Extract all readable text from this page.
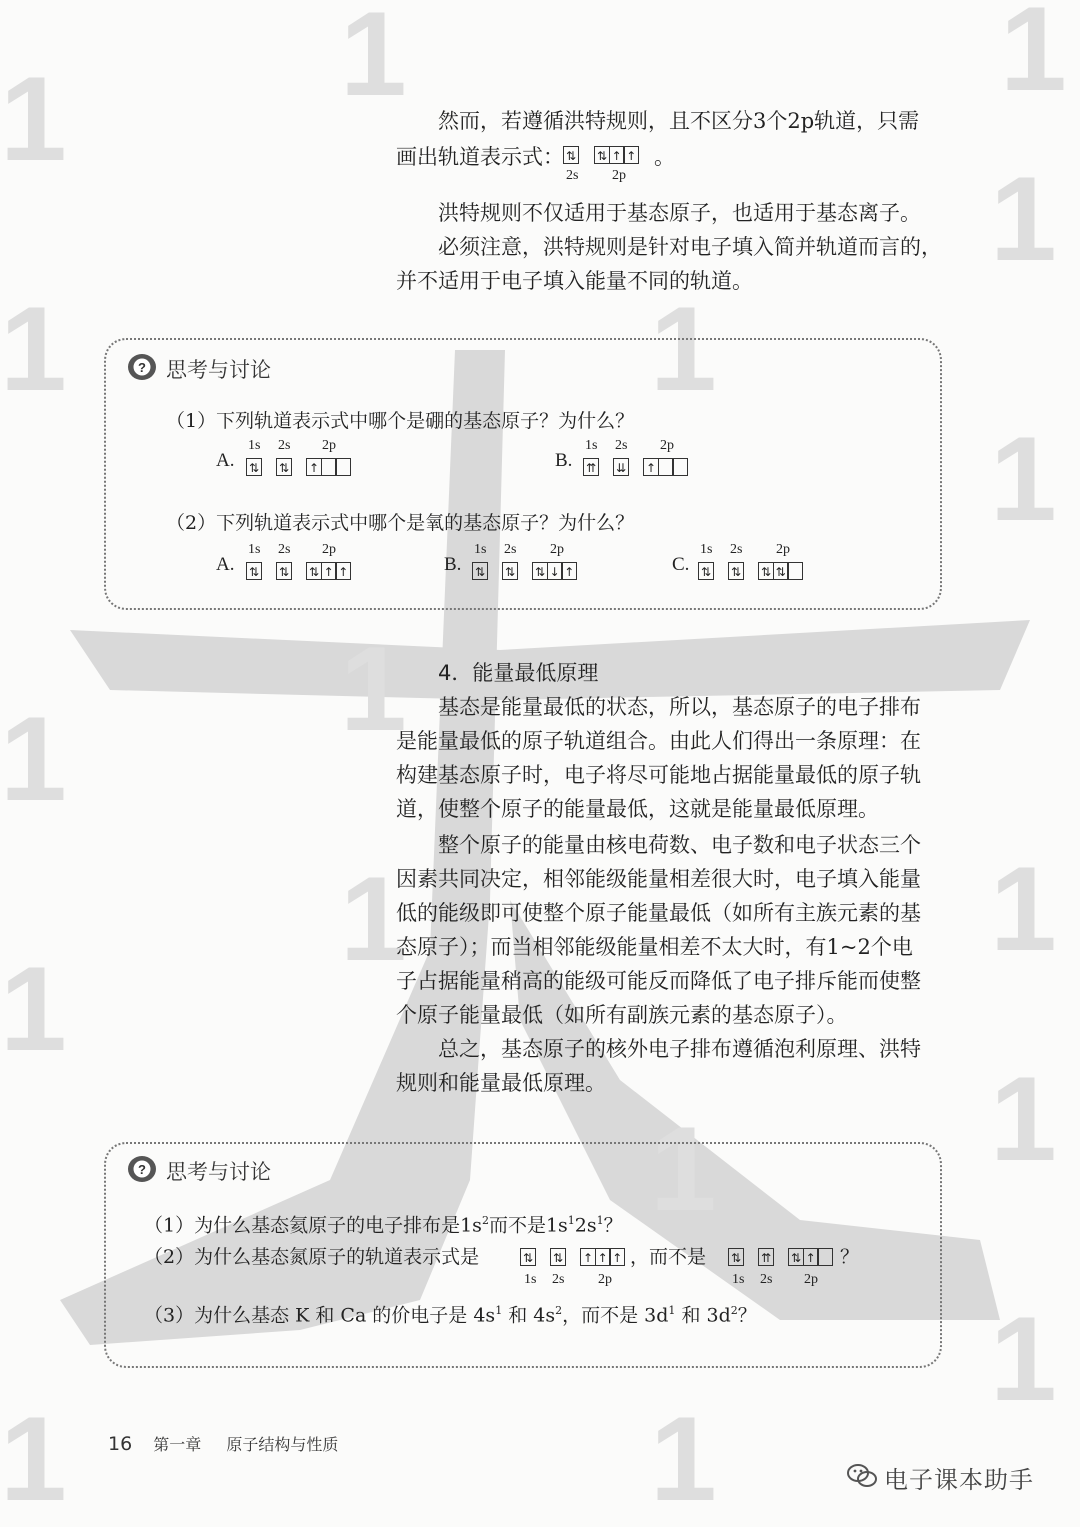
1 1	1
1
1
1
1
1
1
1
1
1
1
1
1
1
1
然而，若遵循洪特规则，且不区分3个2p轨道，只需
画出轨道表示式： ⇅ ⇅ ↑ ↑ 。
2s 2p
洪特规则不仅适用于基态原子，也适用于基态离子。
必须注意，洪特规则是针对电子填入简并轨道而言的，
并不适用于电子填入能量不同的轨道。
? 思考与讨论
（1）下列轨道表示式中哪个是硼的基态原子？为什么？
A.
1s 2s 2p
⇅ ⇅ ↑	B.
1s 2s 2p
⇈ ⇊ ↑
（2）下列轨道表示式中哪个是氧的基态原子？为什么？
A.
1s 2s 2p
⇅ ⇅ ⇅ ↑ ↑	B.
1s 2s 2p
⇅ ⇅ ⇅ ↓ ↑	C.
1s 2s 2p
⇅ ⇅ ⇅ ⇅
4．能量最低原理
基态是能量最低的状态，所以，基态原子的电子排布
是能量最低的原子轨道组合。由此人们得出一条原理：在
构建基态原子时，电子将尽可能地占据能量最低的原子轨
道，使整个原子的能量最低，这就是能量最低原理。
整个原子的能量由核电荷数、电子数和电子状态三个
因素共同决定，相邻能级能量相差很大时，电子填入能量
低的能级即可使整个原子能量最低（如所有主族元素的基
态原子）；而当相邻能级能量相差不太大时，有1~2个电
子占据能量稍高的能级可能反而降低了电子排斥能而使整
个原子能量最低（如所有副族元素的基态原子）。
总之，基态原子的核外电子排布遵循泡利原理、洪特
规则和能量最低原理。
? 思考与讨论
（1）为什么基态氦原子的电子排布是$1s^2$而不是$1s^12s^1$？
（2）为什么基态氮原子的轨道表示式是	⇅ ⇅ ↑ ↑ ↑ ，而不是 ⇅ ⇈ ⇅ ↑ ？
1s 2s 2p	1s 2s 2p
（3）为什么基态 K 和 Ca 的价电子是 $4s^1$ 和 $4s^2$，而不是 $3d^1$ 和 $3d^2$？
16 第一章 原子结构与性质
电子课本助手
